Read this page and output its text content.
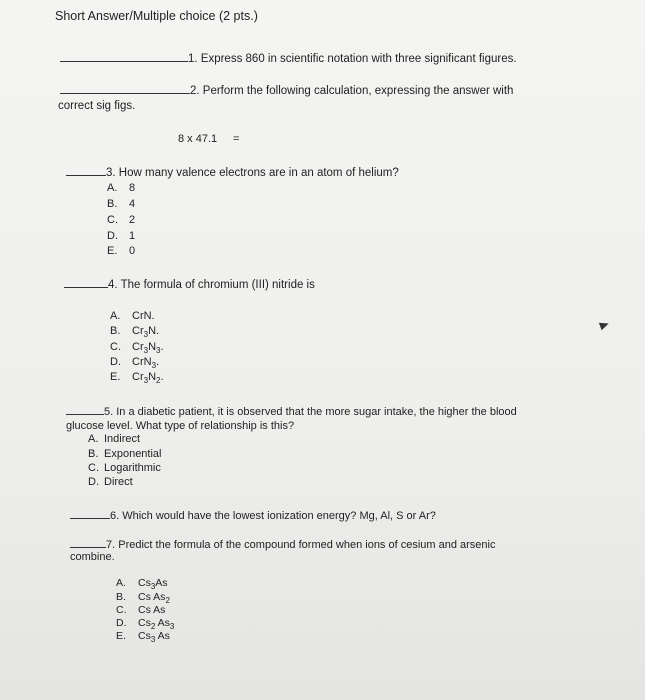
Short Answer/Multiple choice (2 pts.)
1. Express 860 in scientific notation with three significant figures.
2. Perform the following calculation, expressing the answer with
correct sig figs.
8 x 47.1 =
3. How many valence electrons are in an atom of helium?
A. 8
B. 4
C. 2
D. 1
E. 0
4. The formula of chromium (III) nitride is
A. CrN.
B. $Cr_3N$.
C. $Cr_3N_3$.
D. CrN$_3$.
E. $Cr_3N_2$.
5. In a diabetic patient, it is observed that the more sugar intake, the higher the blood
glucose level. What type of relationship is this?
A. Indirect
B. Exponential
C. Logarithmic
D. Direct
6. Which would have the lowest ionization energy? Mg, Al, S or Ar?
7. Predict the formula of the compound formed when ions of cesium and arsenic
combine.
A. $Cs_3As$
B. Cs $As_2$
C. Cs As
D. $Cs_2$ $As_3$
E. $Cs_3$ As
